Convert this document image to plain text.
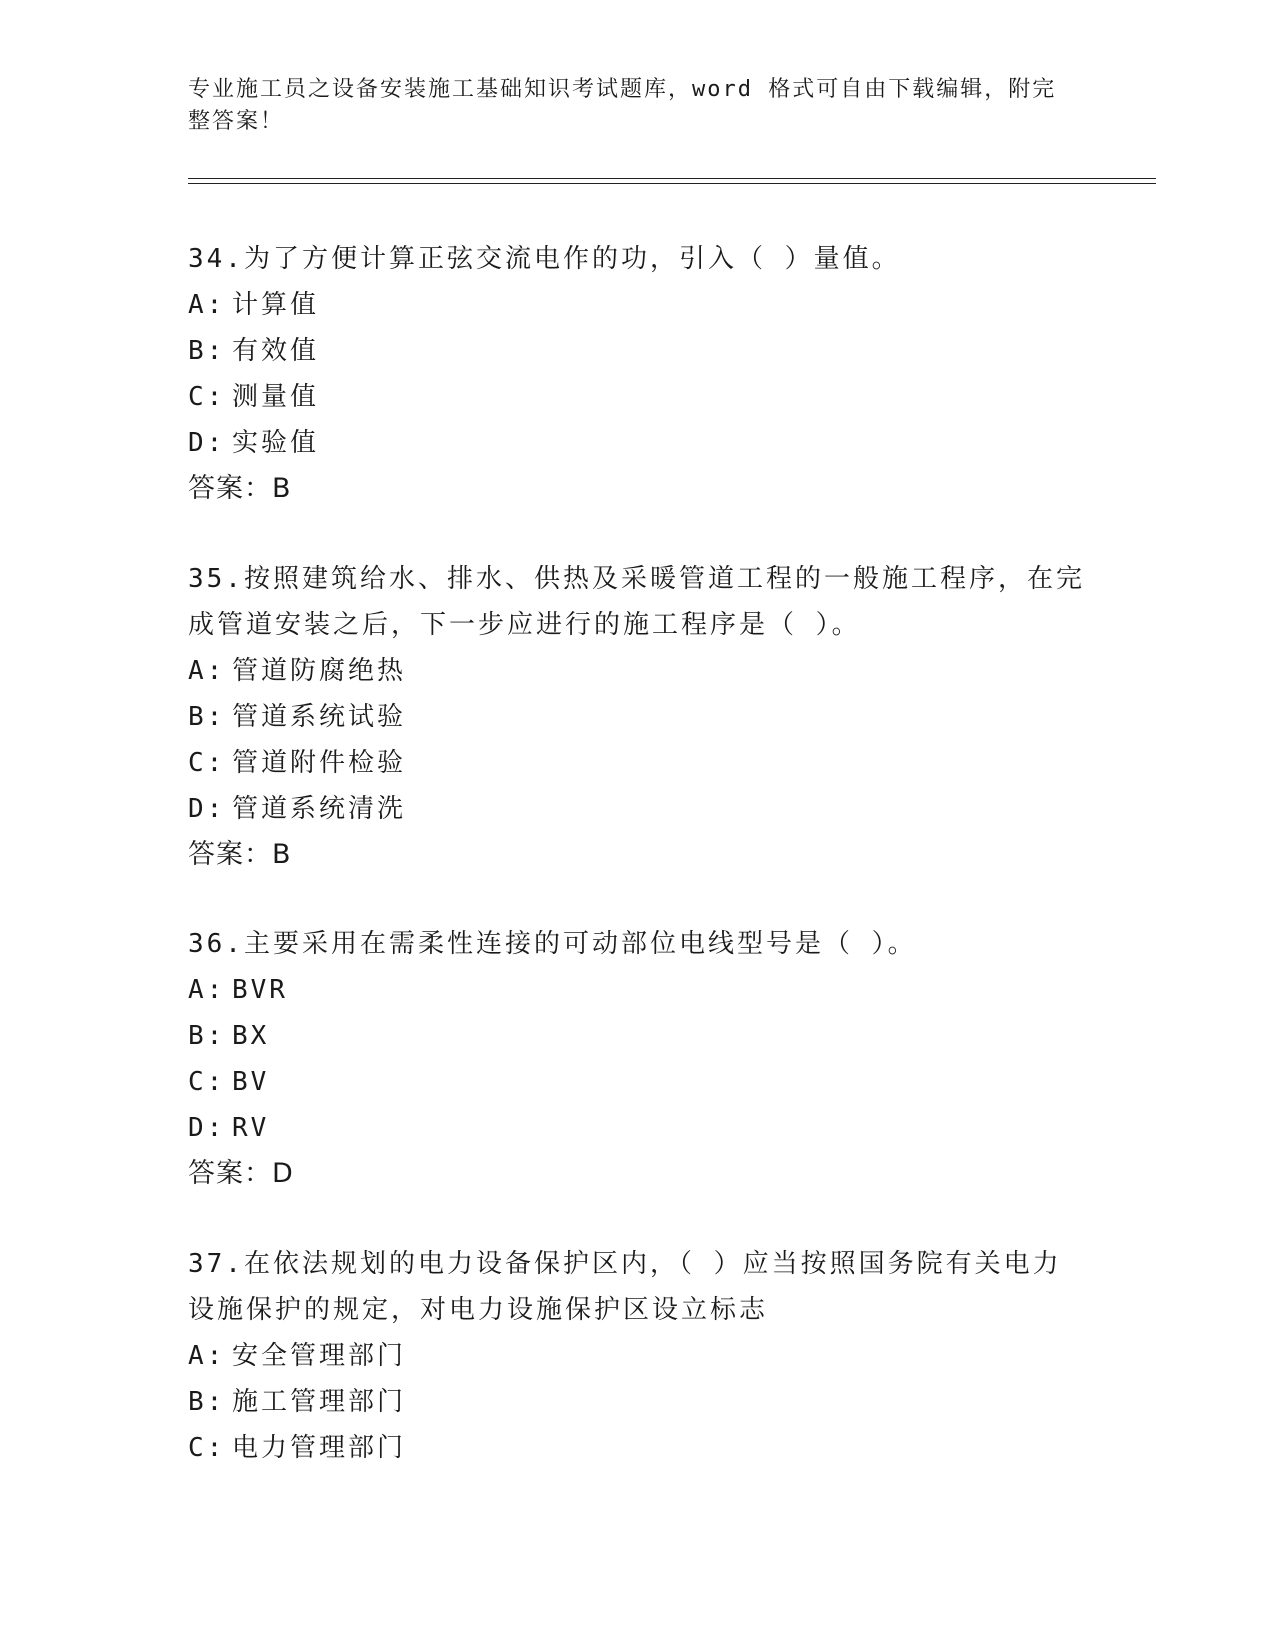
专业施工员之设备安装施工基础知识考试题库，word 格式可自由下载编辑，附完
整答案！
34.为了方便计算正弦交流电作的功，引入（ ）量值。
A: 计算值
B: 有效值
C: 测量值
D: 实验值
答案：B
35.按照建筑给水、排水、供热及采暖管道工程的一般施工程序，在完
成管道安装之后，下一步应进行的施工程序是（ ）。
A: 管道防腐绝热
B: 管道系统试验
C: 管道附件检验
D: 管道系统清洗
答案：B
36.主要采用在需柔性连接的可动部位电线型号是（ ）。
A: BVR
B: BX
C: BV
D: RV
答案：D
37.在依法规划的电力设备保护区内，（ ）应当按照国务院有关电力
设施保护的规定，对电力设施保护区设立标志
A: 安全管理部门
B: 施工管理部门
C: 电力管理部门
